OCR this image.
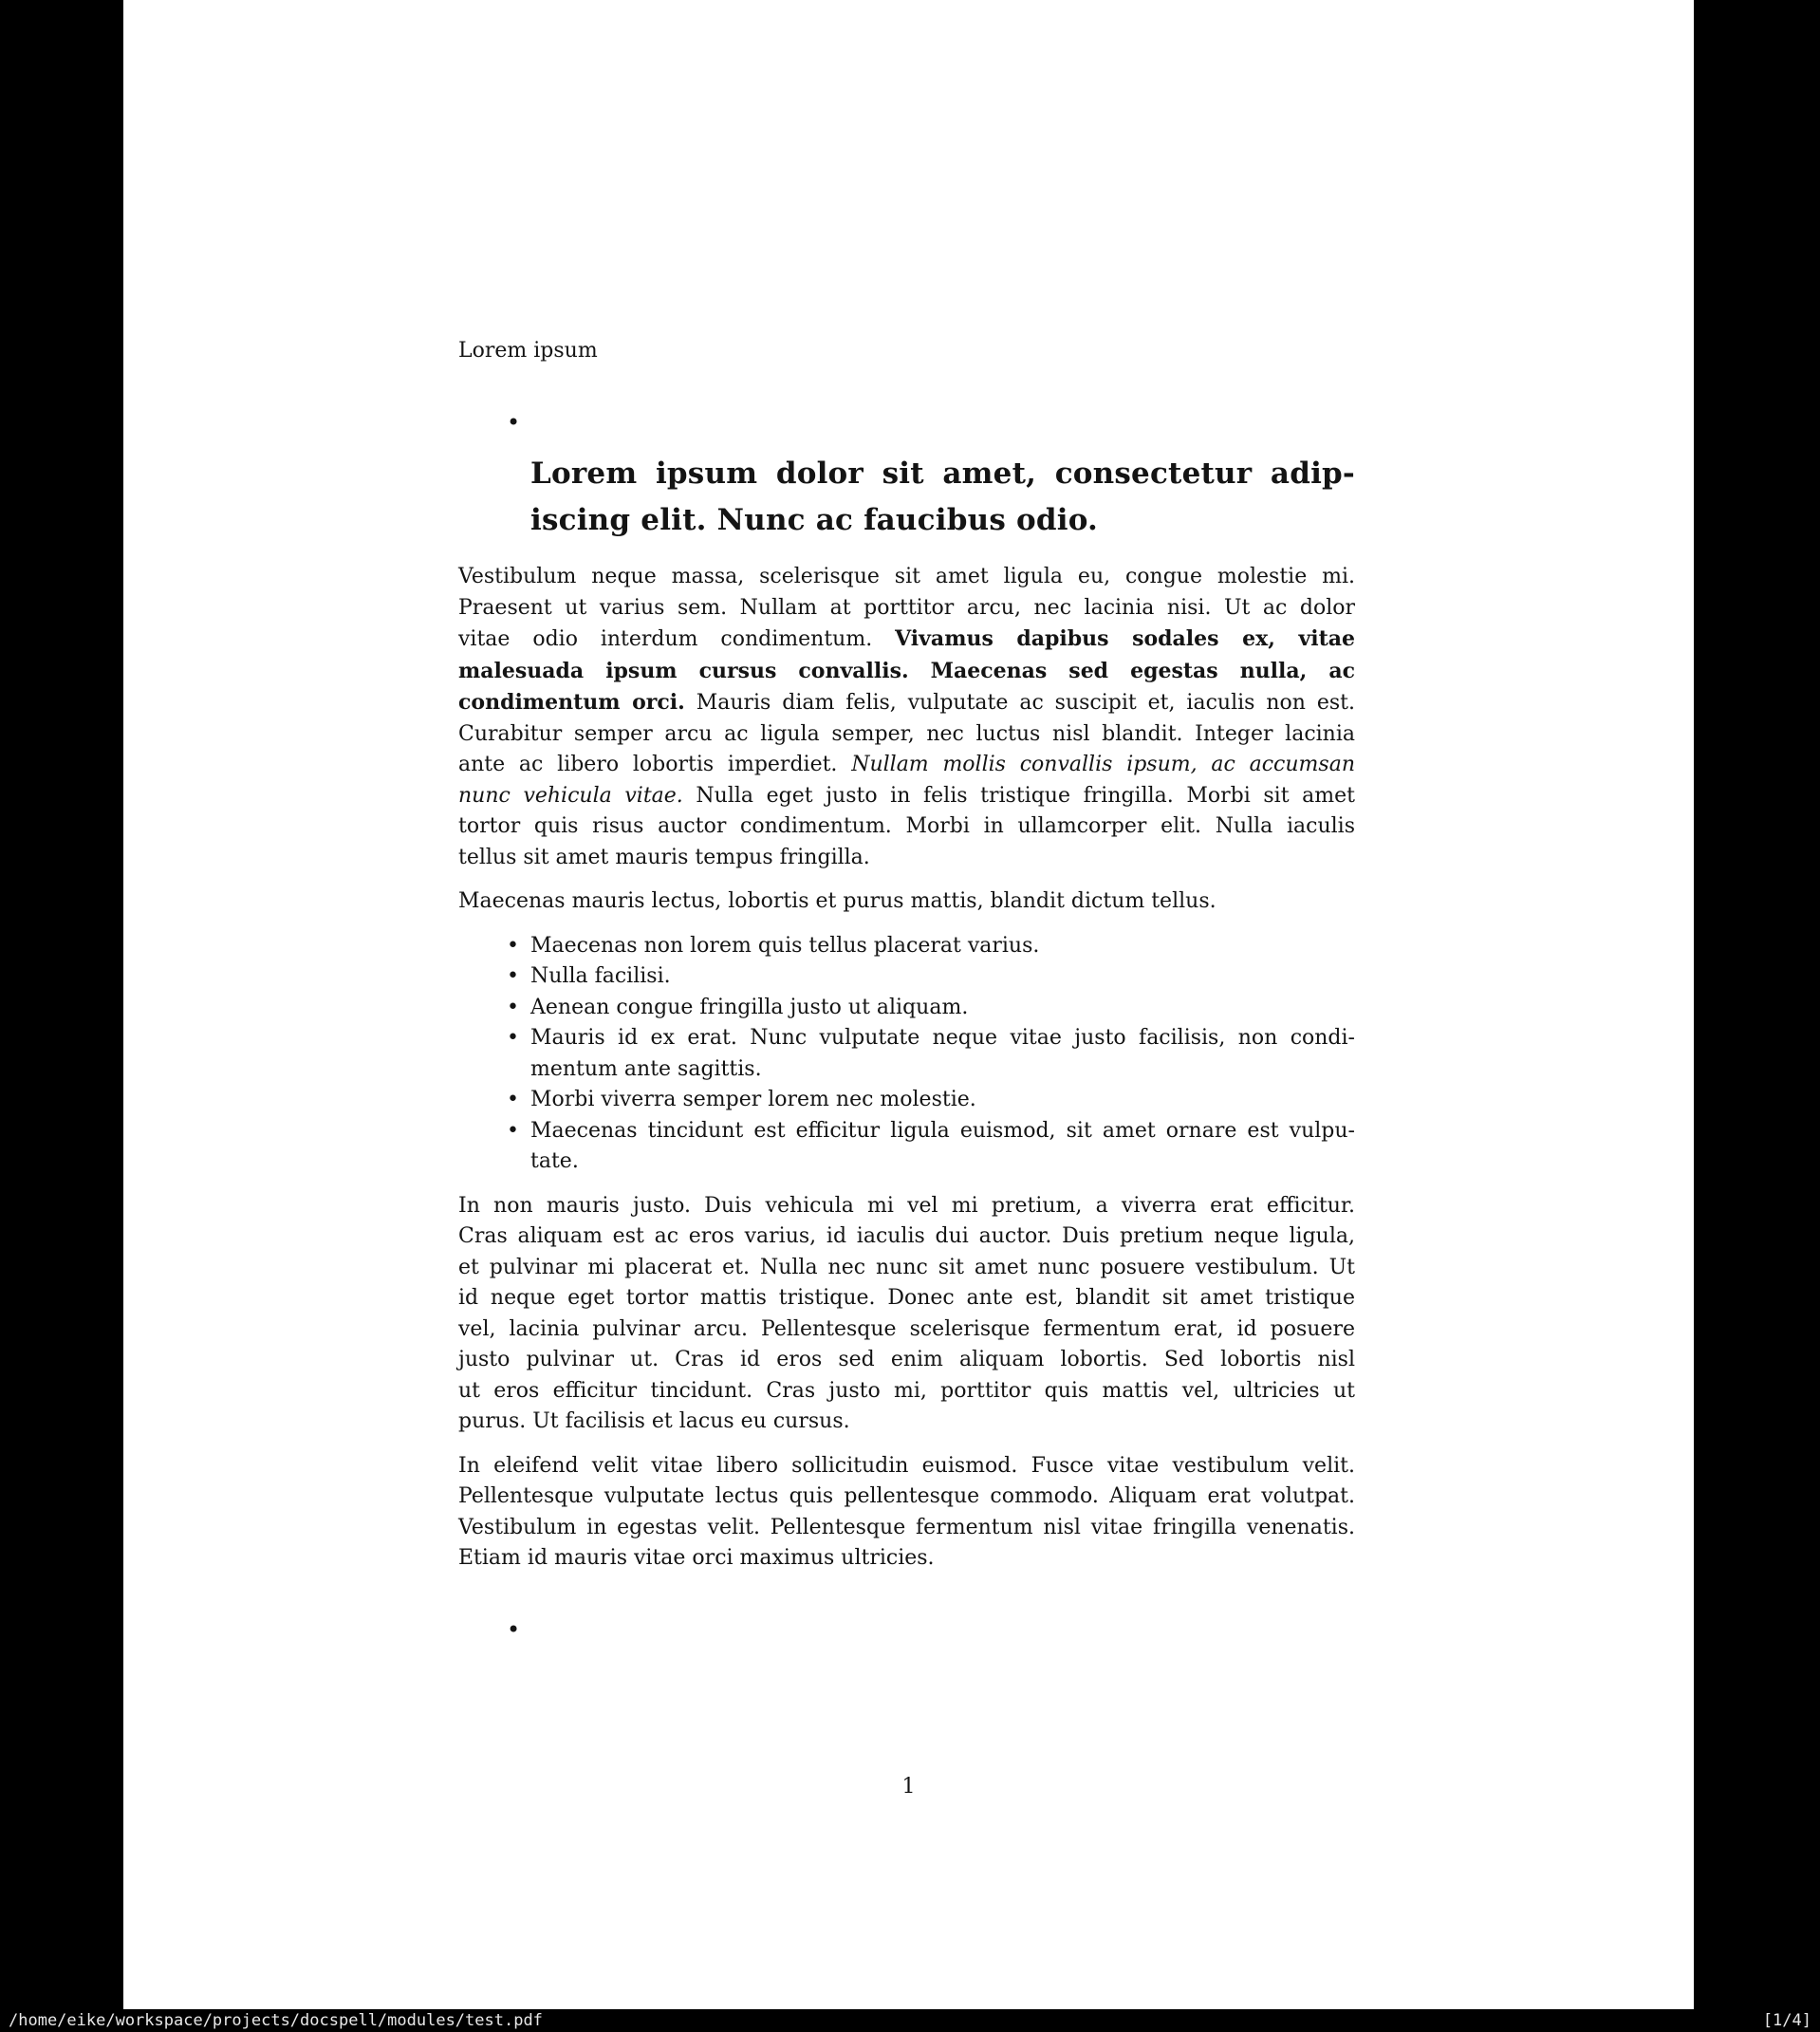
Lorem ipsum
•
Lorem ipsum dolor sit amet, consectetur adip-
iscing elit. Nunc ac faucibus odio.
Vestibulum neque massa, scelerisque sit amet ligula eu, congue molestie mi.
Praesent ut varius sem. Nullam at porttitor arcu, nec lacinia nisi. Ut ac dolor
vitae odio interdum condimentum. Vivamus dapibus sodales ex, vitae
malesuada ipsum cursus convallis. Maecenas sed egestas nulla, ac
condimentum orci. Mauris diam felis, vulputate ac suscipit et, iaculis non est.
Curabitur semper arcu ac ligula semper, nec luctus nisl blandit. Integer lacinia
ante ac libero lobortis imperdiet. Nullam mollis convallis ipsum, ac accumsan
nunc vehicula vitae. Nulla eget justo in felis tristique fringilla. Morbi sit amet
tortor quis risus auctor condimentum. Morbi in ullamcorper elit. Nulla iaculis
tellus sit amet mauris tempus fringilla.
Maecenas mauris lectus, lobortis et purus mattis, blandit dictum tellus.
• Maecenas non lorem quis tellus placerat varius.
• Nulla facilisi.
• Aenean congue fringilla justo ut aliquam.
• Mauris id ex erat. Nunc vulputate neque vitae justo facilisis, non condi-
mentum ante sagittis.
• Morbi viverra semper lorem nec molestie.
• Maecenas tincidunt est efficitur ligula euismod, sit amet ornare est vulpu-
tate.
In non mauris justo. Duis vehicula mi vel mi pretium, a viverra erat efficitur.
Cras aliquam est ac eros varius, id iaculis dui auctor. Duis pretium neque ligula,
et pulvinar mi placerat et. Nulla nec nunc sit amet nunc posuere vestibulum. Ut
id neque eget tortor mattis tristique. Donec ante est, blandit sit amet tristique
vel, lacinia pulvinar arcu. Pellentesque scelerisque fermentum erat, id posuere
justo pulvinar ut. Cras id eros sed enim aliquam lobortis. Sed lobortis nisl
ut eros efficitur tincidunt. Cras justo mi, porttitor quis mattis vel, ultricies ut
purus. Ut facilisis et lacus eu cursus.
In eleifend velit vitae libero sollicitudin euismod. Fusce vitae vestibulum velit.
Pellentesque vulputate lectus quis pellentesque commodo. Aliquam erat volutpat.
Vestibulum in egestas velit. Pellentesque fermentum nisl vitae fringilla venenatis.
Etiam id mauris vitae orci maximus ultricies.
•
1
/home/eike/workspace/projects/docspell/modules/test.pdf	[1/4]
